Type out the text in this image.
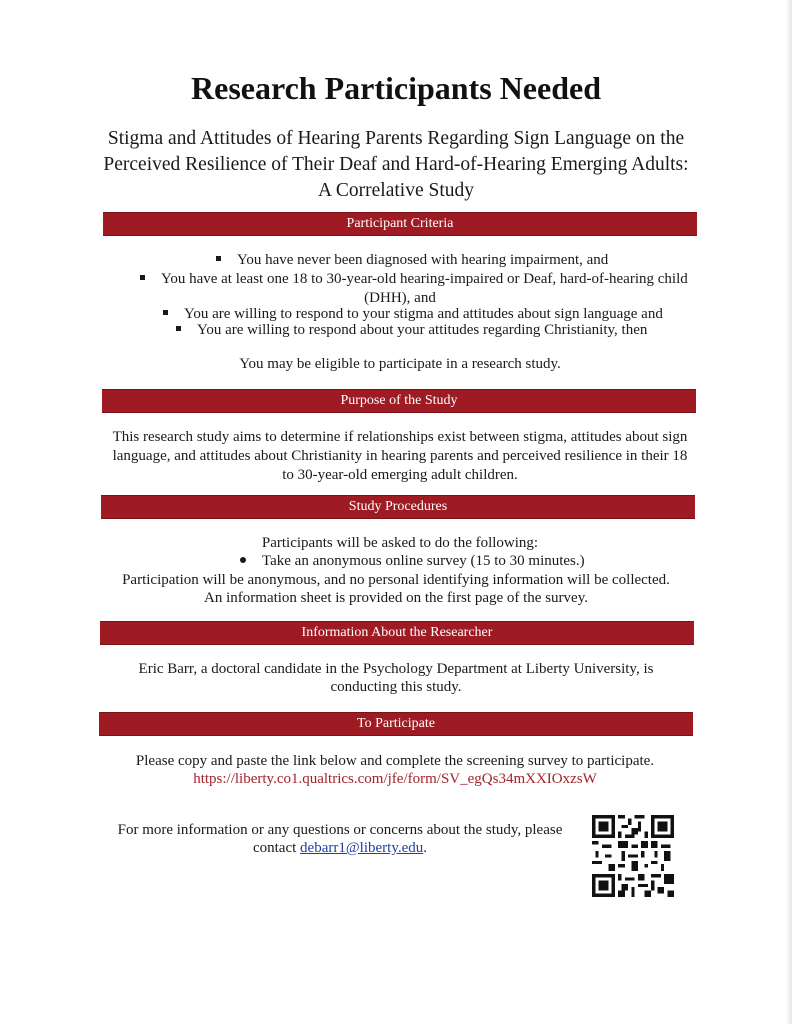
Research Participants Needed
Stigma and Attitudes of Hearing Parents Regarding Sign Language on the Perceived Resilience of Their Deaf and Hard-of-Hearing Emerging Adults: A Correlative Study
Participant Criteria
You have never been diagnosed with hearing impairment, and
You have at least one 18 to 30-year-old hearing-impaired or Deaf, hard-of-hearing child
(DHH), and
You are willing to respond to your stigma and attitudes about sign language and
You are willing to respond about your attitudes regarding Christianity, then
You may be eligible to participate in a research study.
Purpose of the Study
This research study aims to determine if relationships exist between stigma, attitudes about sign
language, and attitudes about Christianity in hearing parents and perceived resilience in their 18
to 30-year-old emerging adult children.
Study Procedures
Participants will be asked to do the following:
Take an anonymous online survey (15 to 30 minutes.)
Participation will be anonymous, and no personal identifying information will be collected.
An information sheet is provided on the first page of the survey.
Information About the Researcher
Eric Barr, a doctoral candidate in the Psychology Department at Liberty University, is
conducting this study.
To Participate
Please copy and paste the link below and complete the screening survey to participate.
https://liberty.co1.qualtrics.com/jfe/form/SV_egQs34mXXIOxzsW
For more information or any questions or concerns about the study, please
contact debarr1@liberty.edu.
